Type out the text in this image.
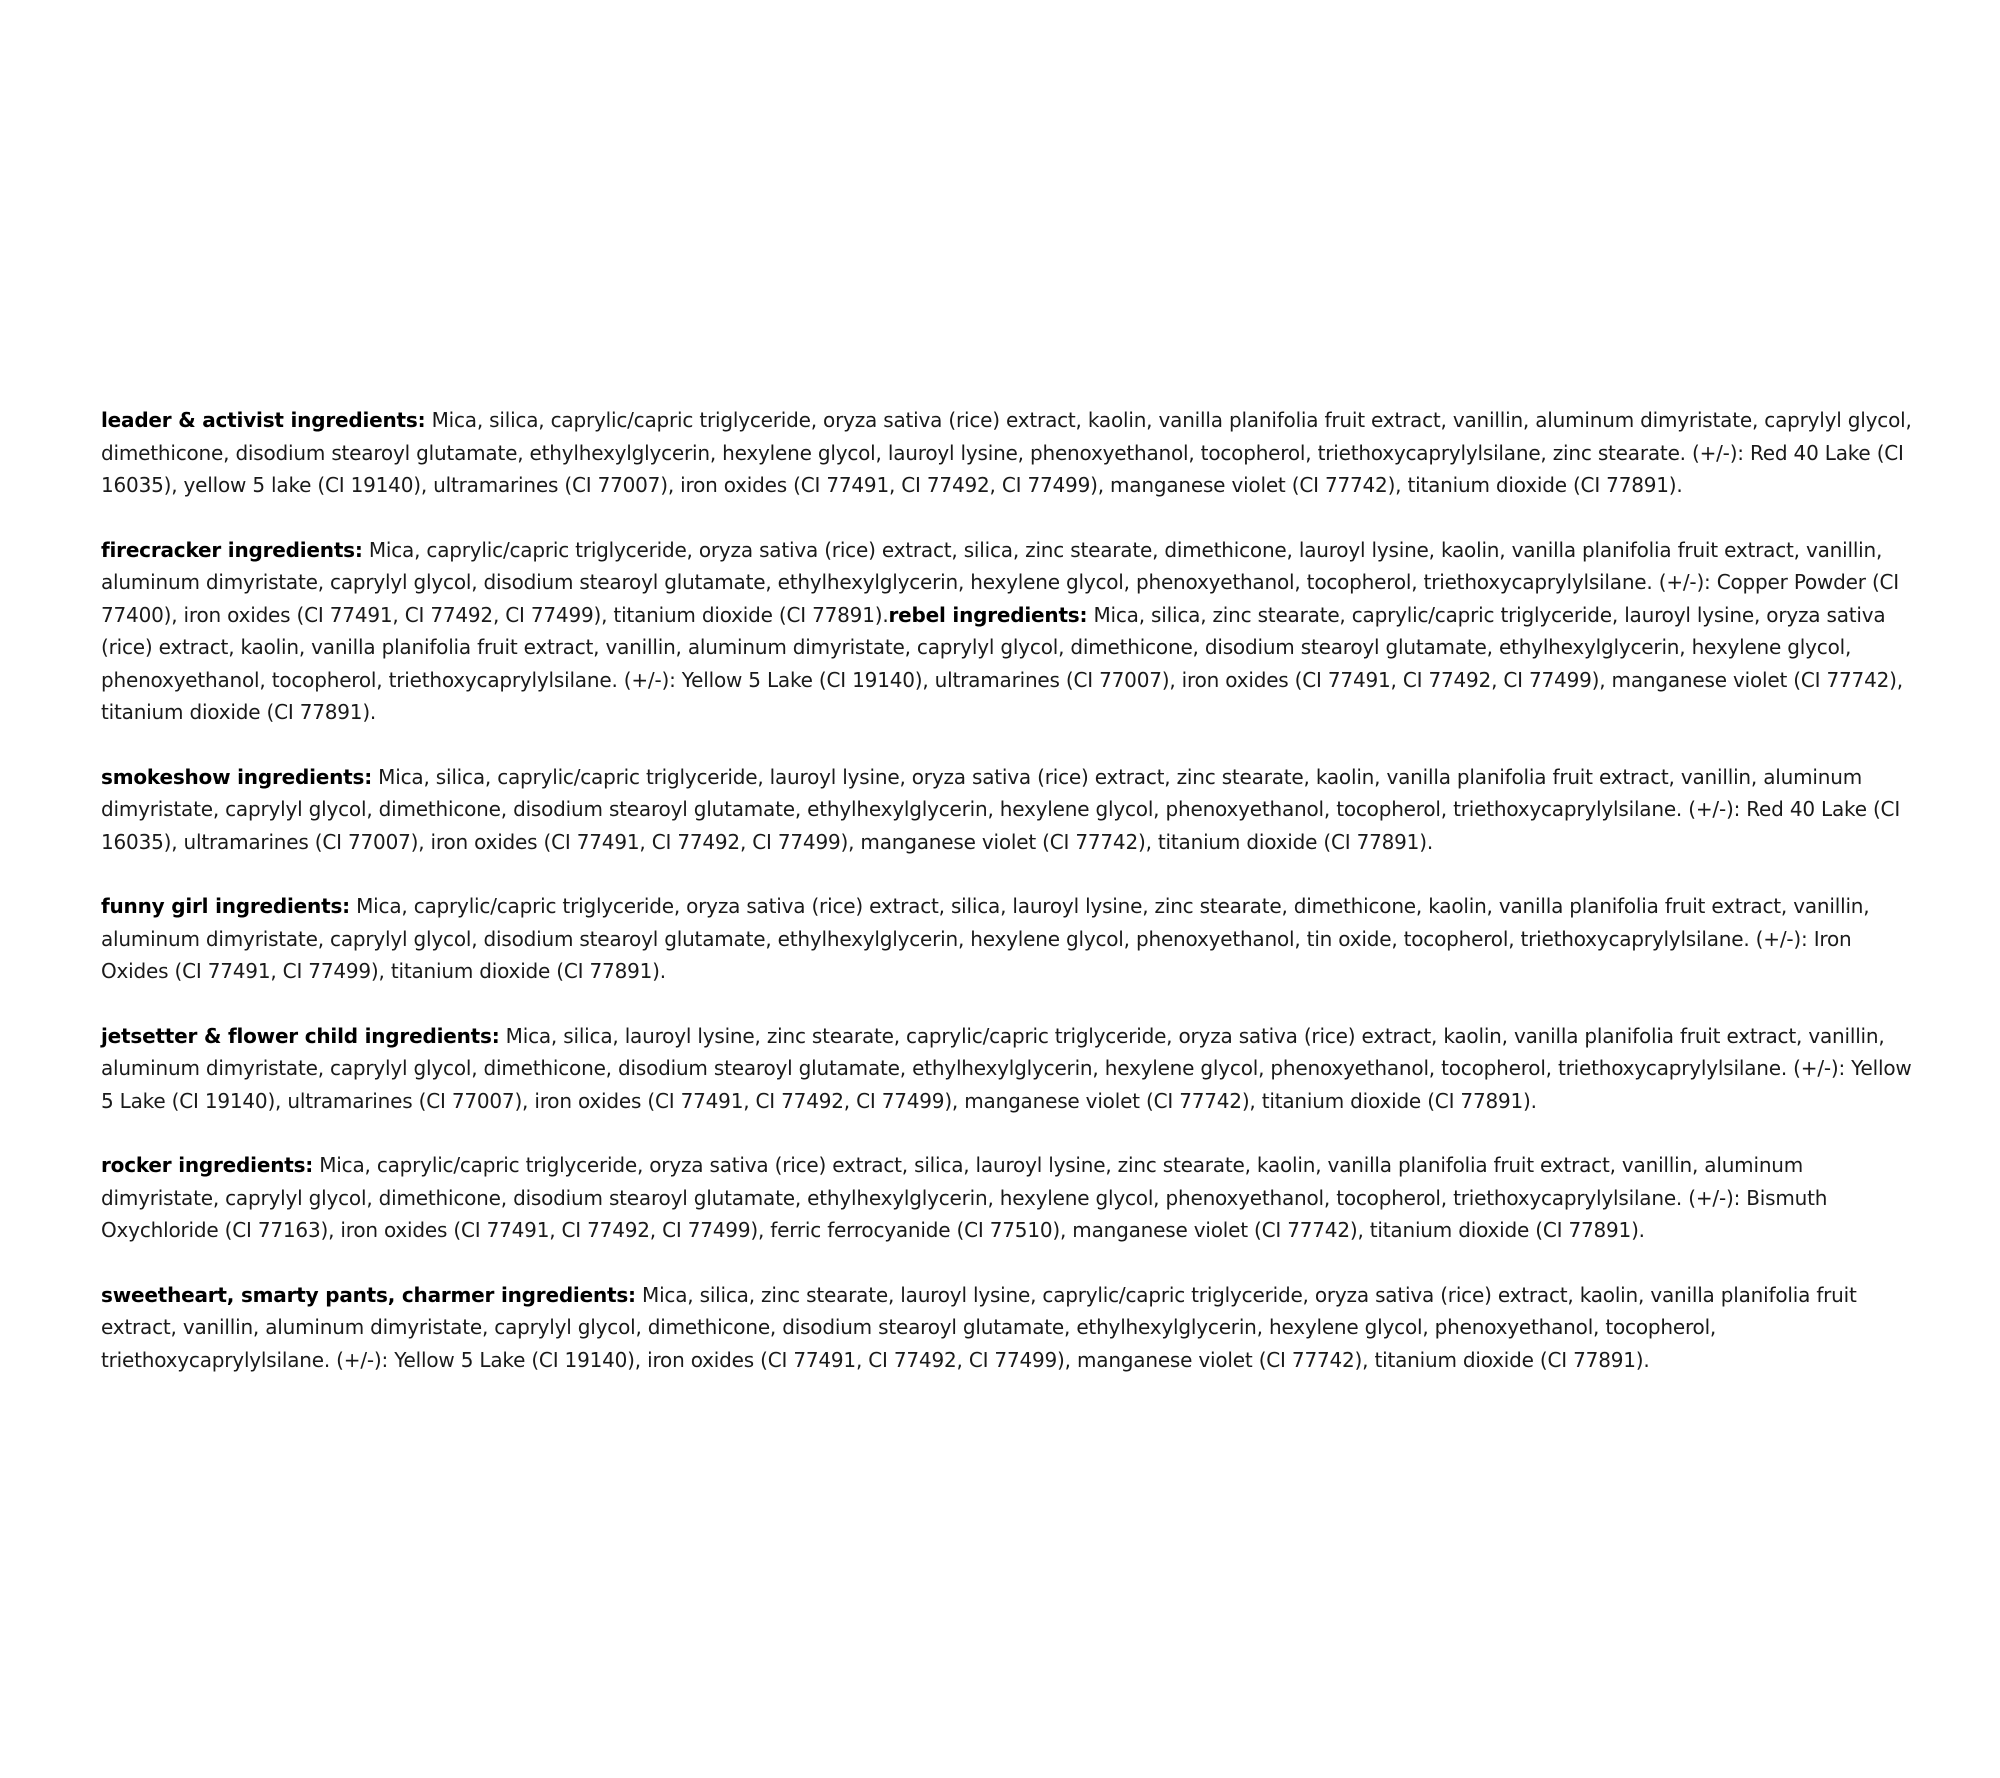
leader & activist ingredients: Mica, silica, caprylic/capric triglyceride, oryza sativa (rice) extract, kaolin, vanilla planifolia fruit extract, vanillin, aluminum dimyristate, caprylyl glycol, dimethicone, disodium stearoyl glutamate, ethylhexylglycerin, hexylene glycol, lauroyl lysine, phenoxyethanol, tocopherol, triethoxycaprylylsilane, zinc stearate. (+/-): Red 40 Lake (CI 16035), yellow 5 lake (CI 19140), ultramarines (CI 77007), iron oxides (CI 77491, CI 77492, CI 77499), manganese violet (CI 77742), titanium dioxide (CI 77891).

firecracker ingredients: Mica, caprylic/capric triglyceride, oryza sativa (rice) extract, silica, zinc stearate, dimethicone, lauroyl lysine, kaolin, vanilla planifolia fruit extract, vanillin, aluminum dimyristate, caprylyl glycol, disodium stearoyl glutamate, ethylhexylglycerin, hexylene glycol, phenoxyethanol, tocopherol, triethoxycaprylylsilane. (+/-): Copper Powder (CI 77400), iron oxides (CI 77491, CI 77492, CI 77499), titanium dioxide (CI 77891).rebel ingredients: Mica, silica, zinc stearate, caprylic/capric triglyceride, lauroyl lysine, oryza sativa (rice) extract, kaolin, vanilla planifolia fruit extract, vanillin, aluminum dimyristate, caprylyl glycol, dimethicone, disodium stearoyl glutamate, ethylhexylglycerin, hexylene glycol, phenoxyethanol, tocopherol, triethoxycaprylylsilane. (+/-): Yellow 5 Lake (CI 19140), ultramarines (CI 77007), iron oxides (CI 77491, CI 77492, CI 77499), manganese violet (CI 77742), titanium dioxide (CI 77891).

smokeshow ingredients: Mica, silica, caprylic/capric triglyceride, lauroyl lysine, oryza sativa (rice) extract, zinc stearate, kaolin, vanilla planifolia fruit extract, vanillin, aluminum dimyristate, caprylyl glycol, dimethicone, disodium stearoyl glutamate, ethylhexylglycerin, hexylene glycol, phenoxyethanol, tocopherol, triethoxycaprylylsilane. (+/-): Red 40 Lake (CI 16035), ultramarines (CI 77007), iron oxides (CI 77491, CI 77492, CI 77499), manganese violet (CI 77742), titanium dioxide (CI 77891).

funny girl ingredients: Mica, caprylic/capric triglyceride, oryza sativa (rice) extract, silica, lauroyl lysine, zinc stearate, dimethicone, kaolin, vanilla planifolia fruit extract, vanillin, aluminum dimyristate, caprylyl glycol, disodium stearoyl glutamate, ethylhexylglycerin, hexylene glycol, phenoxyethanol, tin oxide, tocopherol, triethoxycaprylylsilane. (+/-): Iron Oxides (CI 77491, CI 77499), titanium dioxide (CI 77891).

jetsetter & flower child ingredients: Mica, silica, lauroyl lysine, zinc stearate, caprylic/capric triglyceride, oryza sativa (rice) extract, kaolin, vanilla planifolia fruit extract, vanillin, aluminum dimyristate, caprylyl glycol, dimethicone, disodium stearoyl glutamate, ethylhexylglycerin, hexylene glycol, phenoxyethanol, tocopherol, triethoxycaprylylsilane. (+/-): Yellow 5 Lake (CI 19140), ultramarines (CI 77007), iron oxides (CI 77491, CI 77492, CI 77499), manganese violet (CI 77742), titanium dioxide (CI 77891).

rocker ingredients: Mica, caprylic/capric triglyceride, oryza sativa (rice) extract, silica, lauroyl lysine, zinc stearate, kaolin, vanilla planifolia fruit extract, vanillin, aluminum dimyristate, caprylyl glycol, dimethicone, disodium stearoyl glutamate, ethylhexylglycerin, hexylene glycol, phenoxyethanol, tocopherol, triethoxycaprylylsilane. (+/-): Bismuth Oxychloride (CI 77163), iron oxides (CI 77491, CI 77492, CI 77499), ferric ferrocyanide (CI 77510), manganese violet (CI 77742), titanium dioxide (CI 77891).

sweetheart, smarty pants, charmer ingredients: Mica, silica, zinc stearate, lauroyl lysine, caprylic/capric triglyceride, oryza sativa (rice) extract, kaolin, vanilla planifolia fruit extract, vanillin, aluminum dimyristate, caprylyl glycol, dimethicone, disodium stearoyl glutamate, ethylhexylglycerin, hexylene glycol, phenoxyethanol, tocopherol, triethoxycaprylylsilane. (+/-): Yellow 5 Lake (CI 19140), iron oxides (CI 77491, CI 77492, CI 77499), manganese violet (CI 77742), titanium dioxide (CI 77891).
